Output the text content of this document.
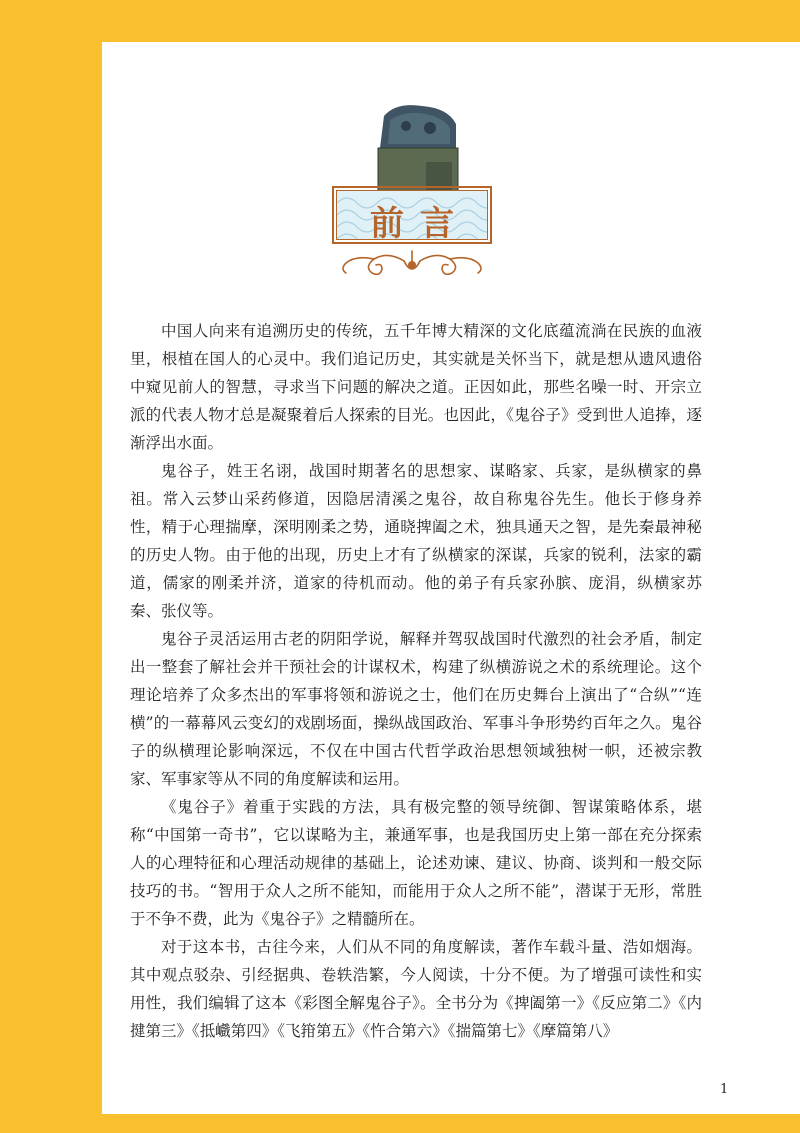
前言

中国人向来有追溯历史的传统，五千年博大精深的文化底蕴流淌在民族的血液里，根植在国人的心灵中。我们追记历史，其实就是关怀当下，就是想从遗风遗俗中窥见前人的智慧，寻求当下问题的解决之道。正因如此，那些名噪一时、开宗立派的代表人物才总是凝聚着后人探索的目光。也因此，《鬼谷子》受到世人追捧，逐渐浮出水面。

鬼谷子，姓王名诩，战国时期著名的思想家、谋略家、兵家，是纵横家的鼻祖。常入云梦山采药修道，因隐居清溪之鬼谷，故自称鬼谷先生。他长于修身养性，精于心理揣摩，深明刚柔之势，通晓捭阖之术，独具通天之智，是先秦最神秘的历史人物。由于他的出现，历史上才有了纵横家的深谋，兵家的锐利，法家的霸道，儒家的刚柔并济，道家的待机而动。他的弟子有兵家孙膑、庞涓，纵横家苏秦、张仪等。

鬼谷子灵活运用古老的阴阳学说，解释并驾驭战国时代激烈的社会矛盾，制定出一整套了解社会并干预社会的计谋权术，构建了纵横游说之术的系统理论。这个理论培养了众多杰出的军事将领和游说之士，他们在历史舞台上演出了“合纵”“连横”的一幕幕风云变幻的戏剧场面，操纵战国政治、军事斗争形势约百年之久。鬼谷子的纵横理论影响深远，不仅在中国古代哲学政治思想领域独树一帜，还被宗教家、军事家等从不同的角度解读和运用。

《鬼谷子》着重于实践的方法，具有极完整的领导统御、智谋策略体系，堪称“中国第一奇书”，它以谋略为主，兼通军事，也是我国历史上第一部在充分探索人的心理特征和心理活动规律的基础上，论述劝谏、建议、协商、谈判和一般交际技巧的书。“智用于众人之所不能知，而能用于众人之所不能”，潜谋于无形，常胜于不争不费，此为《鬼谷子》之精髓所在。

对于这本书，古往今来，人们从不同的角度解读，著作车载斗量、浩如烟海。其中观点驳杂、引经据典、卷轶浩繁，今人阅读，十分不便。为了增强可读性和实用性，我们编辑了这本《彩图全解鬼谷子》。全书分为《捭阖第一》《反应第二》《内揵第三》《抵巇第四》《飞箝第五》《忤合第六》《揣篇第七》《摩篇第八》

1
